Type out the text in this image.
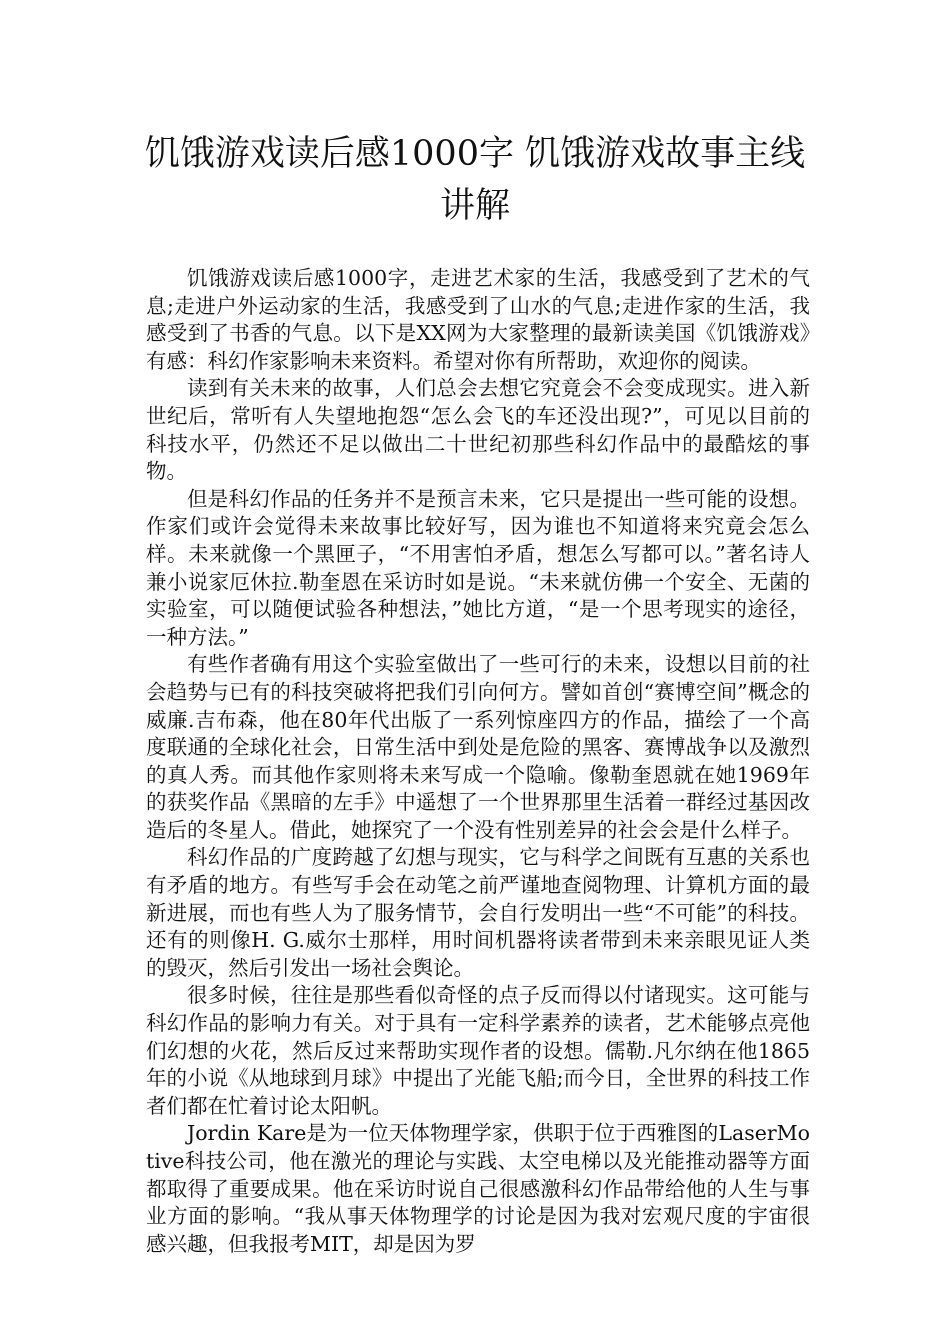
饥饿游戏读后感1000字 饥饿游戏故事主线讲解

饥饿游戏读后感1000字，走进艺术家的生活，我感受到了艺术的气息;走进户外运动家的生活，我感受到了山水的气息;走进作家的生活，我感受到了书香的气息。以下是XX网为大家整理的最新读美国《饥饿游戏》有感：科幻作家影响未来资料。希望对你有所帮助，欢迎你的阅读。

读到有关未来的故事，人们总会去想它究竟会不会变成现实。进入新世纪后，常听有人失望地抱怨“怎么会飞的车还没出现?”，可见以目前的科技水平，仍然还不足以做出二十世纪初那些科幻作品中的最酷炫的事物。

但是科幻作品的任务并不是预言未来，它只是提出一些可能的设想。作家们或许会觉得未来故事比较好写，因为谁也不知道将来究竟会怎么样。未来就像一个黑匣子，“不用害怕矛盾，想怎么写都可以。”著名诗人兼小说家厄休拉.勒奎恩在采访时如是说。“未来就仿佛一个安全、无菌的实验室，可以随便试验各种想法，”她比方道，“是一个思考现实的途径，一种方法。”

有些作者确有用这个实验室做出了一些可行的未来，设想以目前的社会趋势与已有的科技突破将把我们引向何方。譬如首创“赛博空间”概念的威廉.吉布森，他在80年代出版了一系列惊座四方的作品，描绘了一个高度联通的全球化社会，日常生活中到处是危险的黑客、赛博战争以及激烈的真人秀。而其他作家则将未来写成一个隐喻。像勒奎恩就在她1969年的获奖作品《黑暗的左手》中遥想了一个世界那里生活着一群经过基因改造后的冬星人。借此，她探究了一个没有性别差异的社会会是什么样子。

科幻作品的广度跨越了幻想与现实，它与科学之间既有互惠的关系也有矛盾的地方。有些写手会在动笔之前严谨地查阅物理、计算机方面的最新进展，而也有些人为了服务情节，会自行发明出一些“不可能”的科技。还有的则像H. G.威尔士那样，用时间机器将读者带到未来亲眼见证人类的毁灭，然后引发出一场社会舆论。

很多时候，往往是那些看似奇怪的点子反而得以付诸现实。这可能与科幻作品的影响力有关。对于具有一定科学素养的读者，艺术能够点亮他们幻想的火花，然后反过来帮助实现作者的设想。儒勒.凡尔纳在他1865年的小说《从地球到月球》中提出了光能飞船;而今日，全世界的科技工作者们都在忙着讨论太阳帆。

Jordin Kare是为一位天体物理学家，供职于位于西雅图的LaserMotive科技公司，他在激光的理论与实践、太空电梯以及光能推动器等方面都取得了重要成果。他在采访时说自己很感激科幻作品带给他的人生与事业方面的影响。“我从事天体物理学的讨论是因为我对宏观尺度的宇宙很感兴趣，但我报考MIT，却是因为罗
